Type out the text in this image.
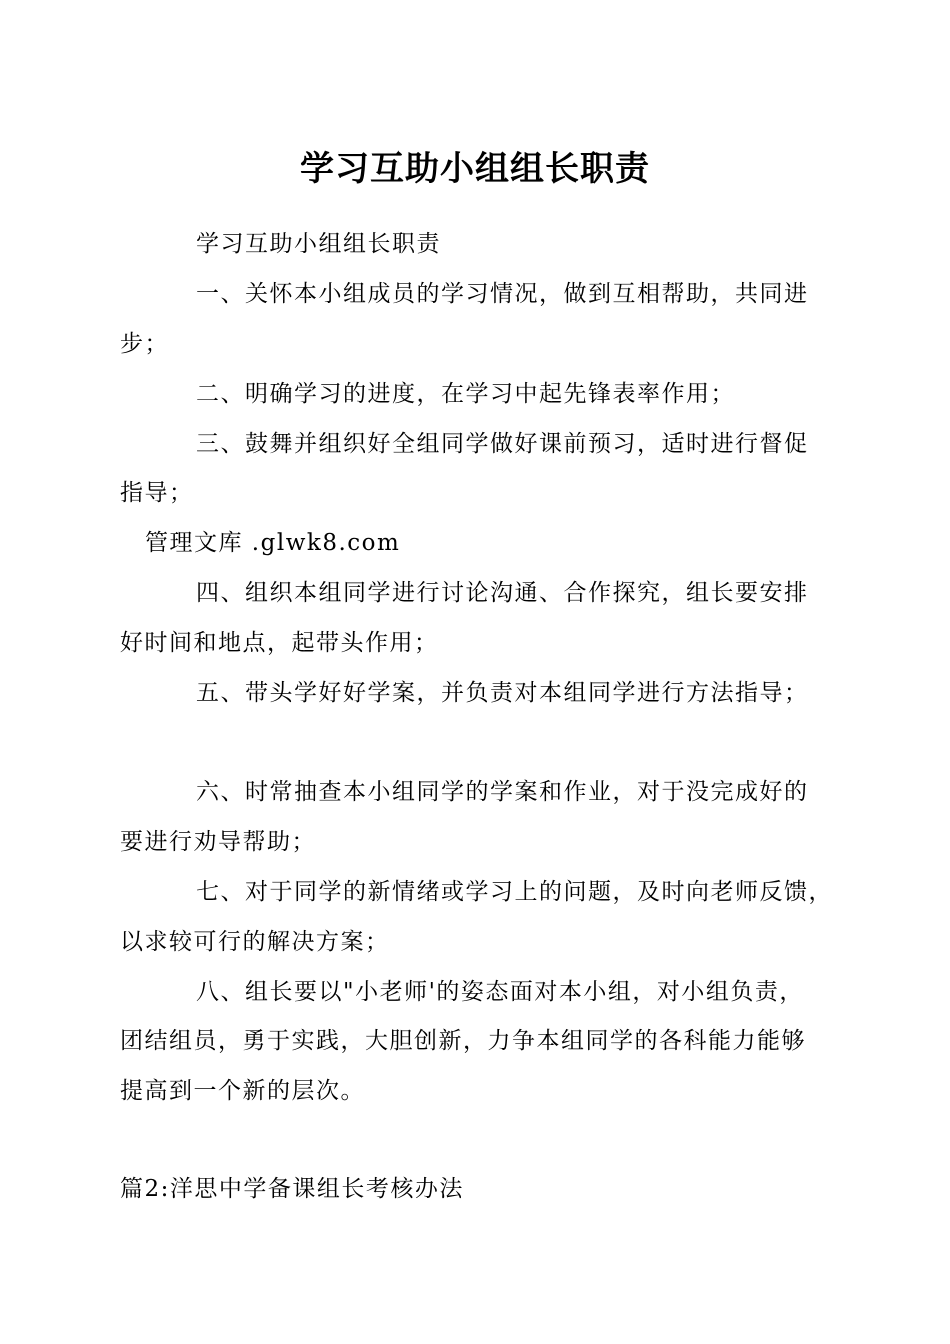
学习互助小组组长职责
学习互助小组组长职责
一、关怀本小组成员的学习情况，做到互相帮助，共同进
步；
二、明确学习的进度，在学习中起先锋表率作用；
三、鼓舞并组织好全组同学做好课前预习，适时进行督促
指导；
管理文库 .glwk8.com
四、组织本组同学进行讨论沟通、合作探究，组长要安排
好时间和地点，起带头作用；
五、带头学好好学案，并负责对本组同学进行方法指导；
六、时常抽查本小组同学的学案和作业，对于没完成好的
要进行劝导帮助；
七、对于同学的新情绪或学习上的问题，及时向老师反馈，
以求较可行的解决方案；
八、组长要以"小老师'的姿态面对本小组，对小组负责，
团结组员，勇于实践，大胆创新，力争本组同学的各科能力能够
提高到一个新的层次。
篇2:洋思中学备课组长考核办法
